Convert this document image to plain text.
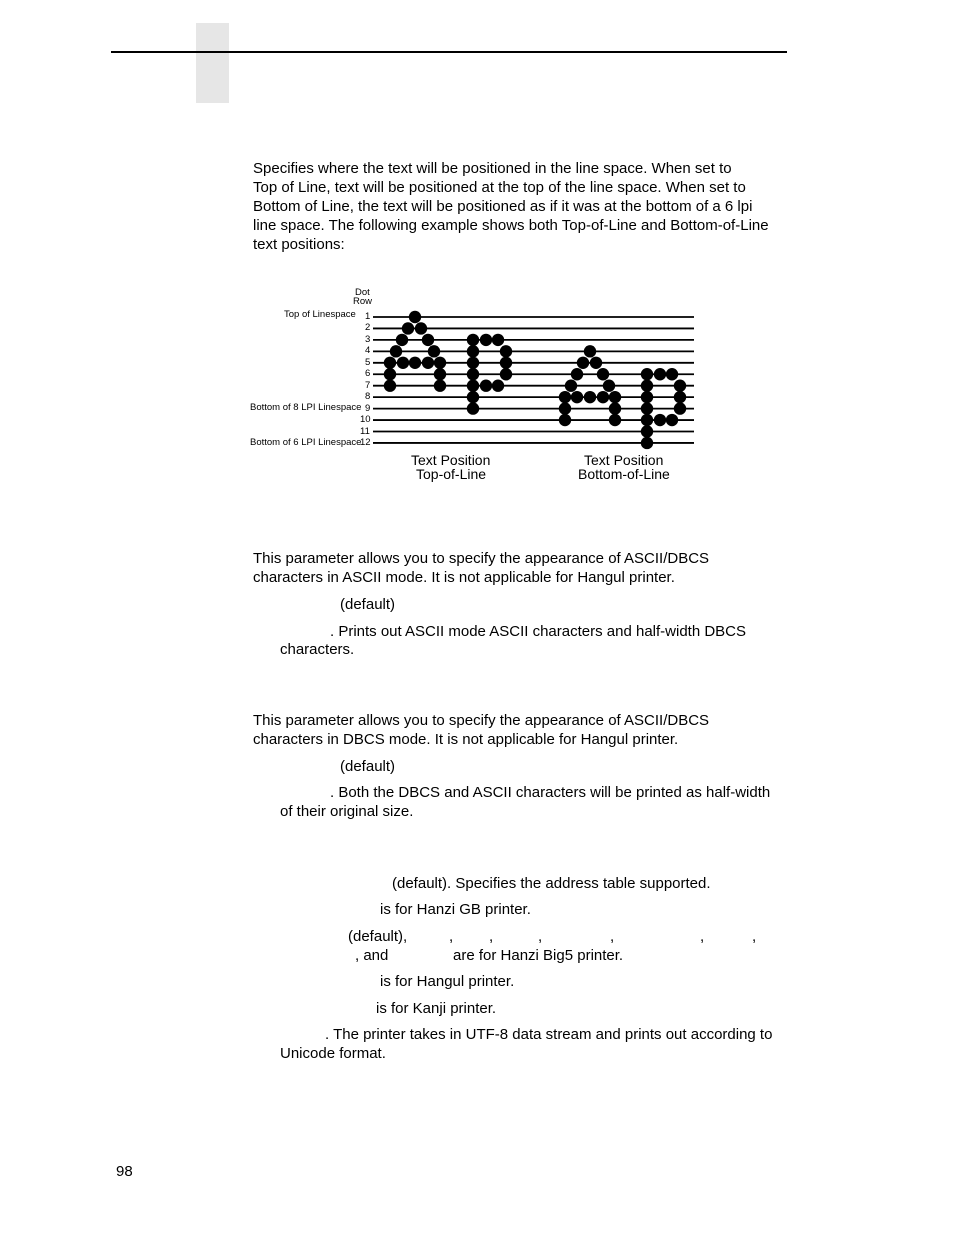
Specifies where the text will be positioned in the line space. When set to
Top of Line, text will be positioned at the top of the line space. When set to
Bottom of Line, the text will be positioned as if it was at the bottom of a 6 lpi
line space. The following example shows both Top-of-Line and Bottom-of-Line
text positions:
Dot
Row
Top of Linespace
Bottom of 8 LPI Linespace
Bottom of 6 LPI Linespace
1
2
3
4
5
6
7
8
9
10
11
12
Text Position
Top-of-Line
Text Position
Bottom-of-Line
This parameter allows you to specify the appearance of ASCII/DBCS
characters in ASCII mode. It is not applicable for Hangul printer.
(default)
. Prints out ASCII mode ASCII characters and half-width DBCS
characters.
This parameter allows you to specify the appearance of ASCII/DBCS
characters in DBCS mode. It is not applicable for Hangul printer.
(default)
. Both the DBCS and ASCII characters will be printed as half-width
of their original size.
(default). Specifies the address table supported.
is for Hanzi GB printer.
(default),	, ,	,	,	,	,
, and	are for Hanzi Big5 printer.
is for Hangul printer.
is for Kanji printer.
. The printer takes in UTF-8 data stream and prints out according to
Unicode format.
98
